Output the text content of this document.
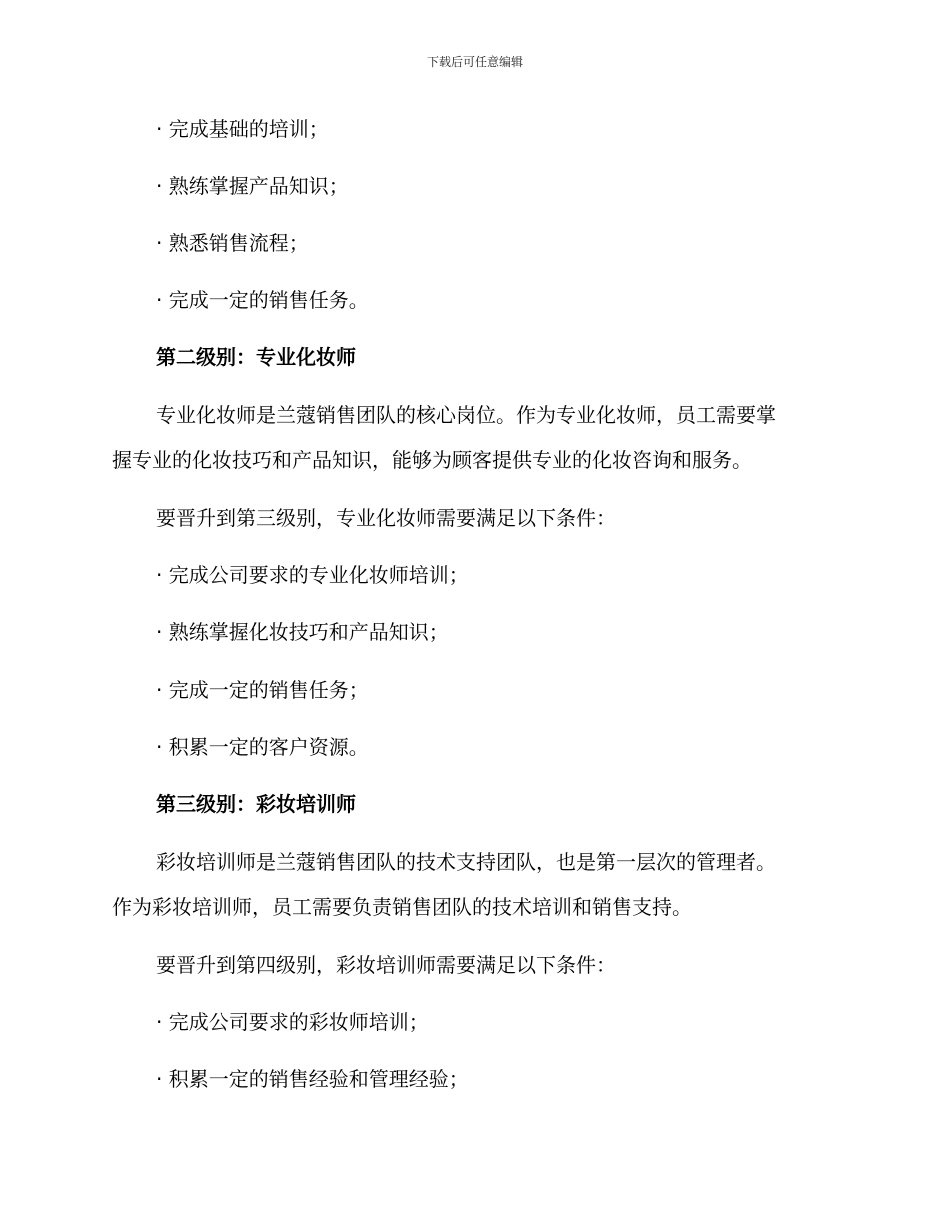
下载后可任意编辑
· 完成基础的培训；
· 熟练掌握产品知识；
· 熟悉销售流程；
· 完成一定的销售任务。
第二级别：专业化妆师
专业化妆师是兰蔻销售团队的核心岗位。作为专业化妆师，员工需要掌
握专业的化妆技巧和产品知识，能够为顾客提供专业的化妆咨询和服务。
要晋升到第三级别，专业化妆师需要满足以下条件：
· 完成公司要求的专业化妆师培训；
· 熟练掌握化妆技巧和产品知识；
· 完成一定的销售任务；
· 积累一定的客户资源。
第三级别：彩妆培训师
彩妆培训师是兰蔻销售团队的技术支持团队，也是第一层次的管理者。
作为彩妆培训师，员工需要负责销售团队的技术培训和销售支持。
要晋升到第四级别，彩妆培训师需要满足以下条件：
· 完成公司要求的彩妆师培训；
· 积累一定的销售经验和管理经验；
